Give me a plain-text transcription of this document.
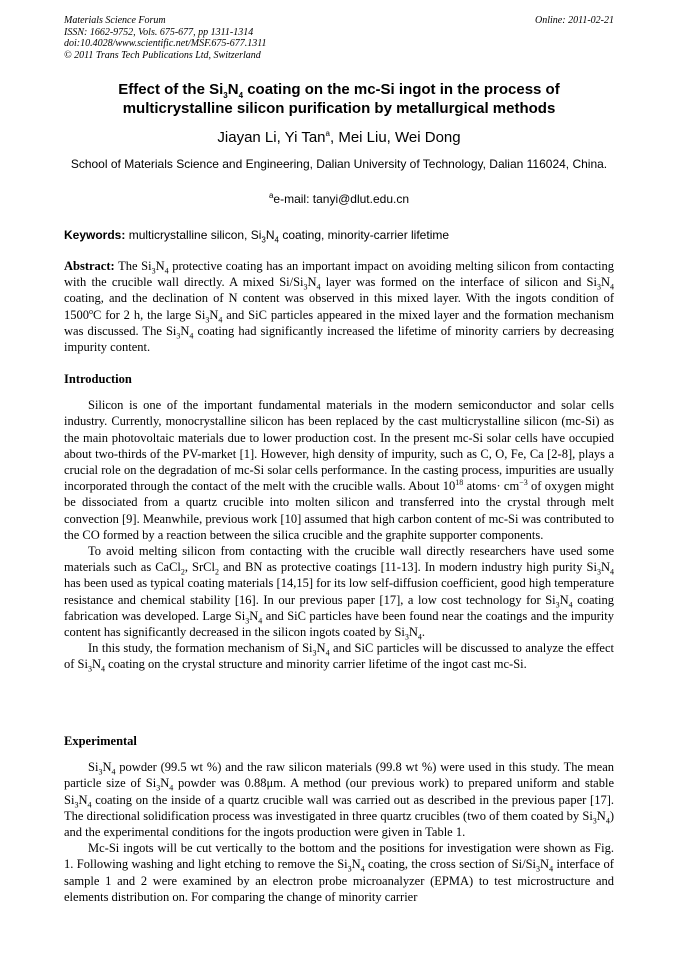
Materials Science Forum
ISSN: 1662-9752, Vols. 675-677, pp 1311-1314
doi:10.4028/www.scientific.net/MSF.675-677.1311
© 2011 Trans Tech Publications Ltd, Switzerland
Online: 2011-02-21
Effect of the $Si_3N_4$ coating on the mc-Si ingot in the process of multicrystalline silicon purification by metallurgical methods
Jiayan Li, Yi Tan$^a$, Mei Liu, Wei Dong
School of Materials Science and Engineering, Dalian University of Technology, Dalian 116024, China.
$^a$e-mail: tanyi@dlut.edu.cn
Keywords: multicrystalline silicon, $Si_3N_4$ coating, minority-carrier lifetime

Abstract: The $Si_3N_4$ protective coating has an important impact on avoiding melting silicon from contacting with the crucible wall directly. A mixed $Si/Si_3N_4$ layer was formed on the interface of silicon and $Si_3N_4$ coating, and the declination of N content was observed in this mixed layer. With the ingots condition of 1500$^o$C for 2 h, the large $Si_3N_4$ and SiC particles appeared in the mixed layer and the formation mechanism was discussed. The $Si_3N_4$ coating had significantly increased the lifetime of minority carriers by decreasing impurity content.

Introduction

Silicon is one of the important fundamental materials in the modern semiconductor and solar cells industry. Currently, monocrystalline silicon has been replaced by the cast multicrystalline silicon (mc-Si) as the main photovoltaic materials due to lower production cost. In the present mc-Si solar cells have occupied about two-thirds of the PV-market [1]. However, high density of impurity, such as C, O, Fe, Ca [2-8], plays a crucial role on the degradation of mc-Si solar cells performance. In the casting process, impurities are usually incorporated through the contact of the melt with the crucible walls. About $10^{18}$ atoms· $cm^{-3}$ of oxygen might be dissociated from a quartz crucible into molten silicon and transferred into the crystal through melt convection [9]. Meanwhile, previous work [10] assumed that high carbon content of mc-Si was contributed to the CO formed by a reaction between the silica crucible and the graphite supporter components.

To avoid melting silicon from contacting with the crucible wall directly researchers have used some materials such as CaCl$_2$, SrCl$_2$ and BN as protective coatings [11-13]. In modern industry high purity $Si_3N_4$ has been used as typical coating materials [14,15] for its low self-diffusion coefficient, good high temperature resistance and chemical stability [16]. In our previous paper [17], a low cost technology for $Si_3N_4$ coating fabrication was developed. Large $Si_3N_4$ and SiC particles have been found near the coatings and the impurity content has significantly decreased in the silicon ingots coated by $Si_3N_4$.

In this study, the formation mechanism of $Si_3N_4$ and SiC particles will be discussed to analyze the effect of $Si_3N_4$ coating on the crystal structure and minority carrier lifetime of the ingot cast mc-Si.

Experimental

$Si_3N_4$ powder (99.5 wt %) and the raw silicon materials (99.8 wt %) were used in this study. The mean particle size of $Si_3N_4$ powder was 0.88μm. A method (our previous work) to prepared uniform and stable $Si_3N_4$ coating on the inside of a quartz crucible wall was carried out as described in the previous paper [17]. The directional solidification process was investigated in three quartz crucibles (two of them coated by $Si_3N_4$) and the experimental conditions for the ingots production were given in Table 1.

Mc-Si ingots will be cut vertically to the bottom and the positions for investigation were shown as Fig. 1. Following washing and light etching to remove the $Si_3N_4$ coating, the cross section of $Si/Si_3N_4$ interface of sample 1 and 2 were examined by an electron probe microanalyzer (EPMA) to test microstructure and elements distribution on. For comparing the change of minority carrier
